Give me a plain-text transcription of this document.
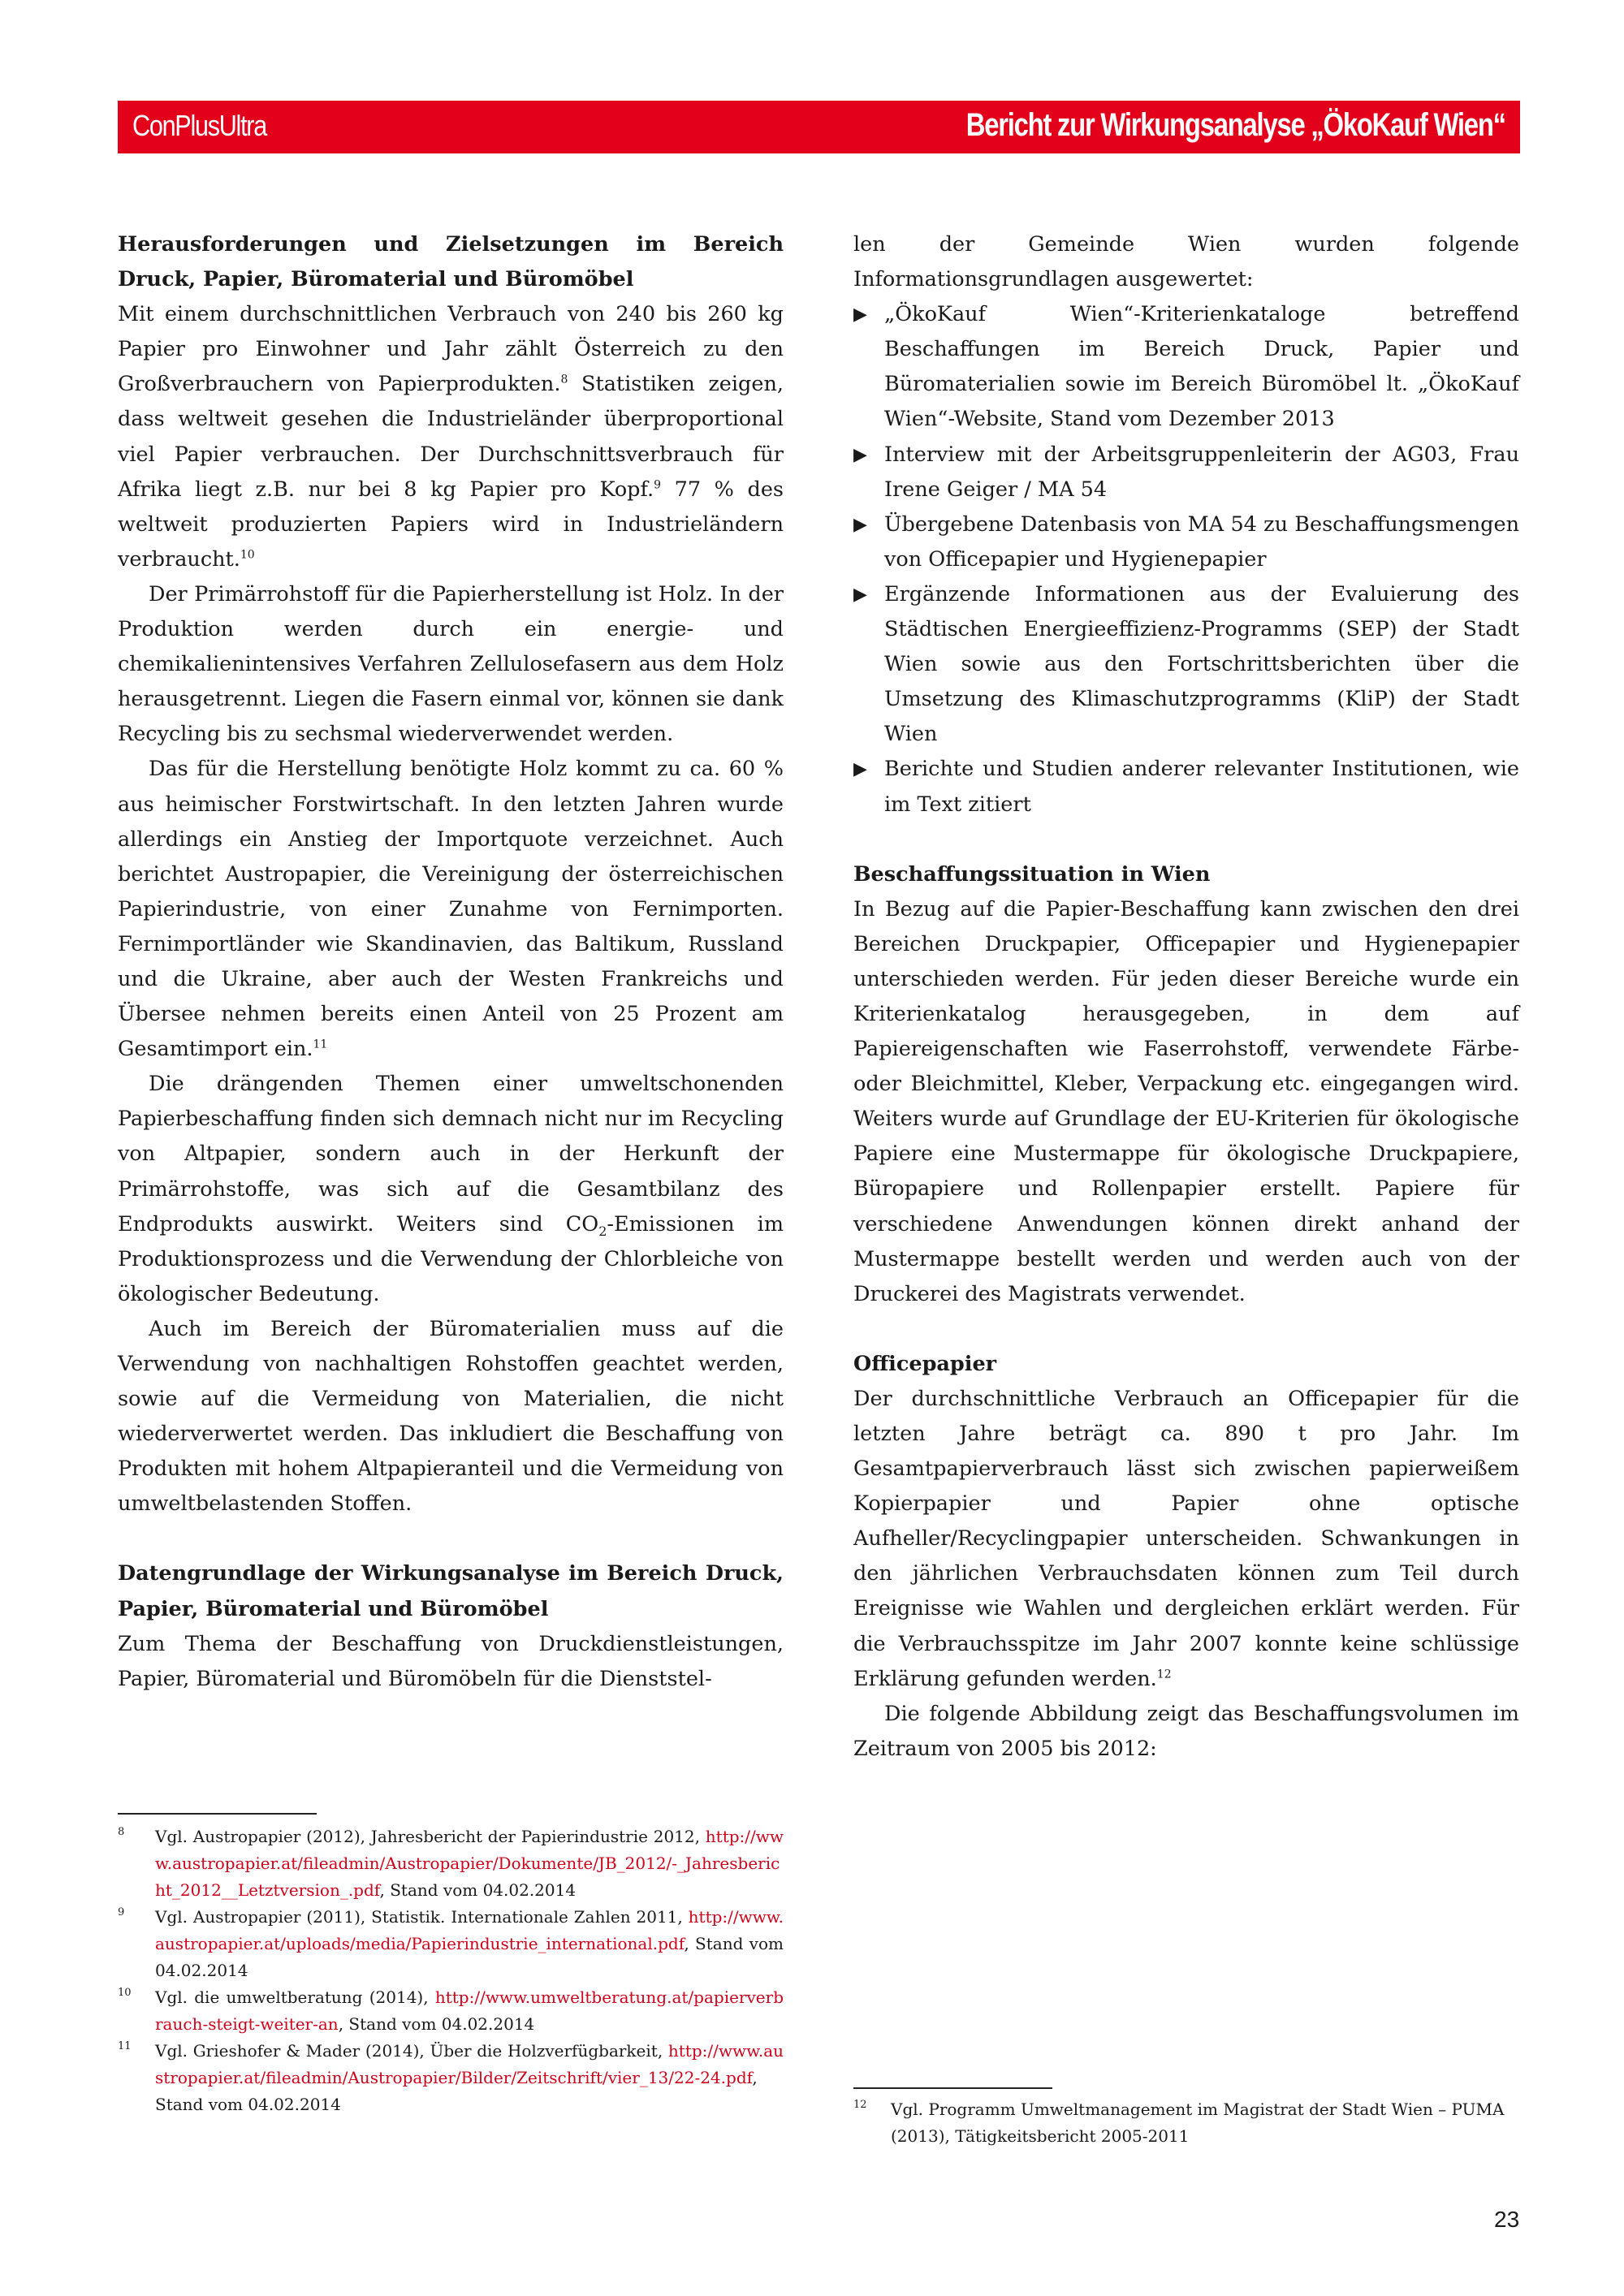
ConPlusUltra	Bericht zur Wirkungsanalyse „ÖkoKauf Wien“
Herausforderungen und Zielsetzungen im Bereich Druck, Papier, Büromaterial und Büromöbel

Mit einem durchschnittlichen Verbrauch von 240 bis 260 kg Papier pro Einwohner und Jahr zählt Österreich zu den Großverbrauchern von Papierprodukten.$^8$ Statistiken zeigen, dass weltweit gesehen die Industrieländer überproportional viel Papier verbrauchen. Der Durchschnittsverbrauch für Afrika liegt z.B. nur bei 8 kg Papier pro Kopf.$^9$ 77 % des weltweit produzierten Papiers wird in Industrieländern verbraucht.$^{10}$

Der Primärrohstoff für die Papierherstellung ist Holz. In der Produktion werden durch ein energie- und chemikalienintensives Verfahren Zellulosefasern aus dem Holz herausgetrennt. Liegen die Fasern einmal vor, können sie dank Recycling bis zu sechsmal wiederverwendet werden.

Das für die Herstellung benötigte Holz kommt zu ca. 60 % aus heimischer Forstwirtschaft. In den letzten Jahren wurde allerdings ein Anstieg der Importquote verzeichnet. Auch berichtet Austropapier, die Vereinigung der österreichischen Papierindustrie, von einer Zunahme von Fernimporten. Fernimportländer wie Skandinavien, das Baltikum, Russland und die Ukraine, aber auch der Westen Frankreichs und Übersee nehmen bereits einen Anteil von 25 Prozent am Gesamtimport ein.$^{11}$

Die drängenden Themen einer umweltschonenden Papierbeschaffung finden sich demnach nicht nur im Recycling von Altpapier, sondern auch in der Herkunft der Primärrohstoffe, was sich auf die Gesamtbilanz des Endprodukts auswirkt. Weiters sind $CO_2$-Emissionen im Produktionsprozess und die Verwendung der Chlorbleiche von ökologischer Bedeutung.

Auch im Bereich der Büromaterialien muss auf die Verwendung von nachhaltigen Rohstoffen geachtet werden, sowie auf die Vermeidung von Materialien, die nicht wiederverwertet werden. Das inkludiert die Beschaffung von Produkten mit hohem Altpapieranteil und die Vermeidung von umweltbelastenden Stoffen.

Datengrundlage der Wirkungsanalyse im Bereich Druck, Papier, Büromaterial und Büromöbel

Zum Thema der Beschaffung von Druckdienstleistungen, Papier, Büromaterial und Büromöbeln für die Dienststel-

len der Gemeinde Wien wurden folgende Informationsgrundlagen ausgewertet:

▶ „ÖkoKauf Wien“-Kriterienkataloge betreffend Beschaffungen im Bereich Druck, Papier und Büromaterialien sowie im Bereich Büromöbel lt. „ÖkoKauf Wien“-Website, Stand vom Dezember 2013
▶ Interview mit der Arbeitsgruppenleiterin der AG03, Frau Irene Geiger / MA 54
▶ Übergebene Datenbasis von MA 54 zu Beschaffungsmengen von Officepapier und Hygienepapier
▶ Ergänzende Informationen aus der Evaluierung des Städtischen Energieeffizienz-Programms (SEP) der Stadt Wien sowie aus den Fortschrittsberichten über die Umsetzung des Klimaschutzprogramms (KliP) der Stadt Wien
▶ Berichte und Studien anderer relevanter Institutionen, wie im Text zitiert
Beschaffungssituation in Wien

In Bezug auf die Papier-Beschaffung kann zwischen den drei Bereichen Druckpapier, Officepapier und Hygienepapier unterschieden werden. Für jeden dieser Bereiche wurde ein Kriterienkatalog herausgegeben, in dem auf Papiereigenschaften wie Faserrohstoff, verwendete Färbe- oder Bleichmittel, Kleber, Verpackung etc. eingegangen wird. Weiters wurde auf Grundlage der EU-Kriterien für ökologische Papiere eine Mustermappe für ökologische Druckpapiere, Büropapiere und Rollenpapier erstellt. Papiere für verschiedene Anwendungen können direkt anhand der Mustermappe bestellt werden und werden auch von der Druckerei des Magistrats verwendet.

Officepapier

Der durchschnittliche Verbrauch an Officepapier für die letzten Jahre beträgt ca. 890 t pro Jahr. Im Gesamtpapierverbrauch lässt sich zwischen papierweißem Kopierpapier und Papier ohne optische Aufheller/Recyclingpapier unterscheiden. Schwankungen in den jährlichen Verbrauchsdaten können zum Teil durch Ereignisse wie Wahlen und dergleichen erklärt werden. Für die Verbrauchsspitze im Jahr 2007 konnte keine schlüssige Erklärung gefunden werden.$^{12}$

Die folgende Abbildung zeigt das Beschaffungsvolumen im Zeitraum von 2005 bis 2012:

8 Vgl. Austropapier (2012), Jahresbericht der Papierindustrie 2012, http://www.austropapier.at/fileadmin/Austropapier/Dokumente/JB_2012/-_Jahresbericht_2012__Letztversion_.pdf, Stand vom 04.02.2014
9 Vgl. Austropapier (2011), Statistik. Internationale Zahlen 2011, http://www.austropapier.at/uploads/media/Papierindustrie_international.pdf, Stand vom 04.02.2014
10 Vgl. die umweltberatung (2014), http://www.umweltberatung.at/papierverbrauch-steigt-weiter-an, Stand vom 04.02.2014
11 Vgl. Grieshofer & Mader (2014), Über die Holzverfügbarkeit, http://www.austropapier.at/fileadmin/Austropapier/Bilder/Zeitschrift/vier_13/22-24.pdf, Stand vom 04.02.2014	12 Vgl. Programm Umweltmanagement im Magistrat der Stadt Wien – PUMA (2013), Tätigkeitsbericht 2005-2011
23
